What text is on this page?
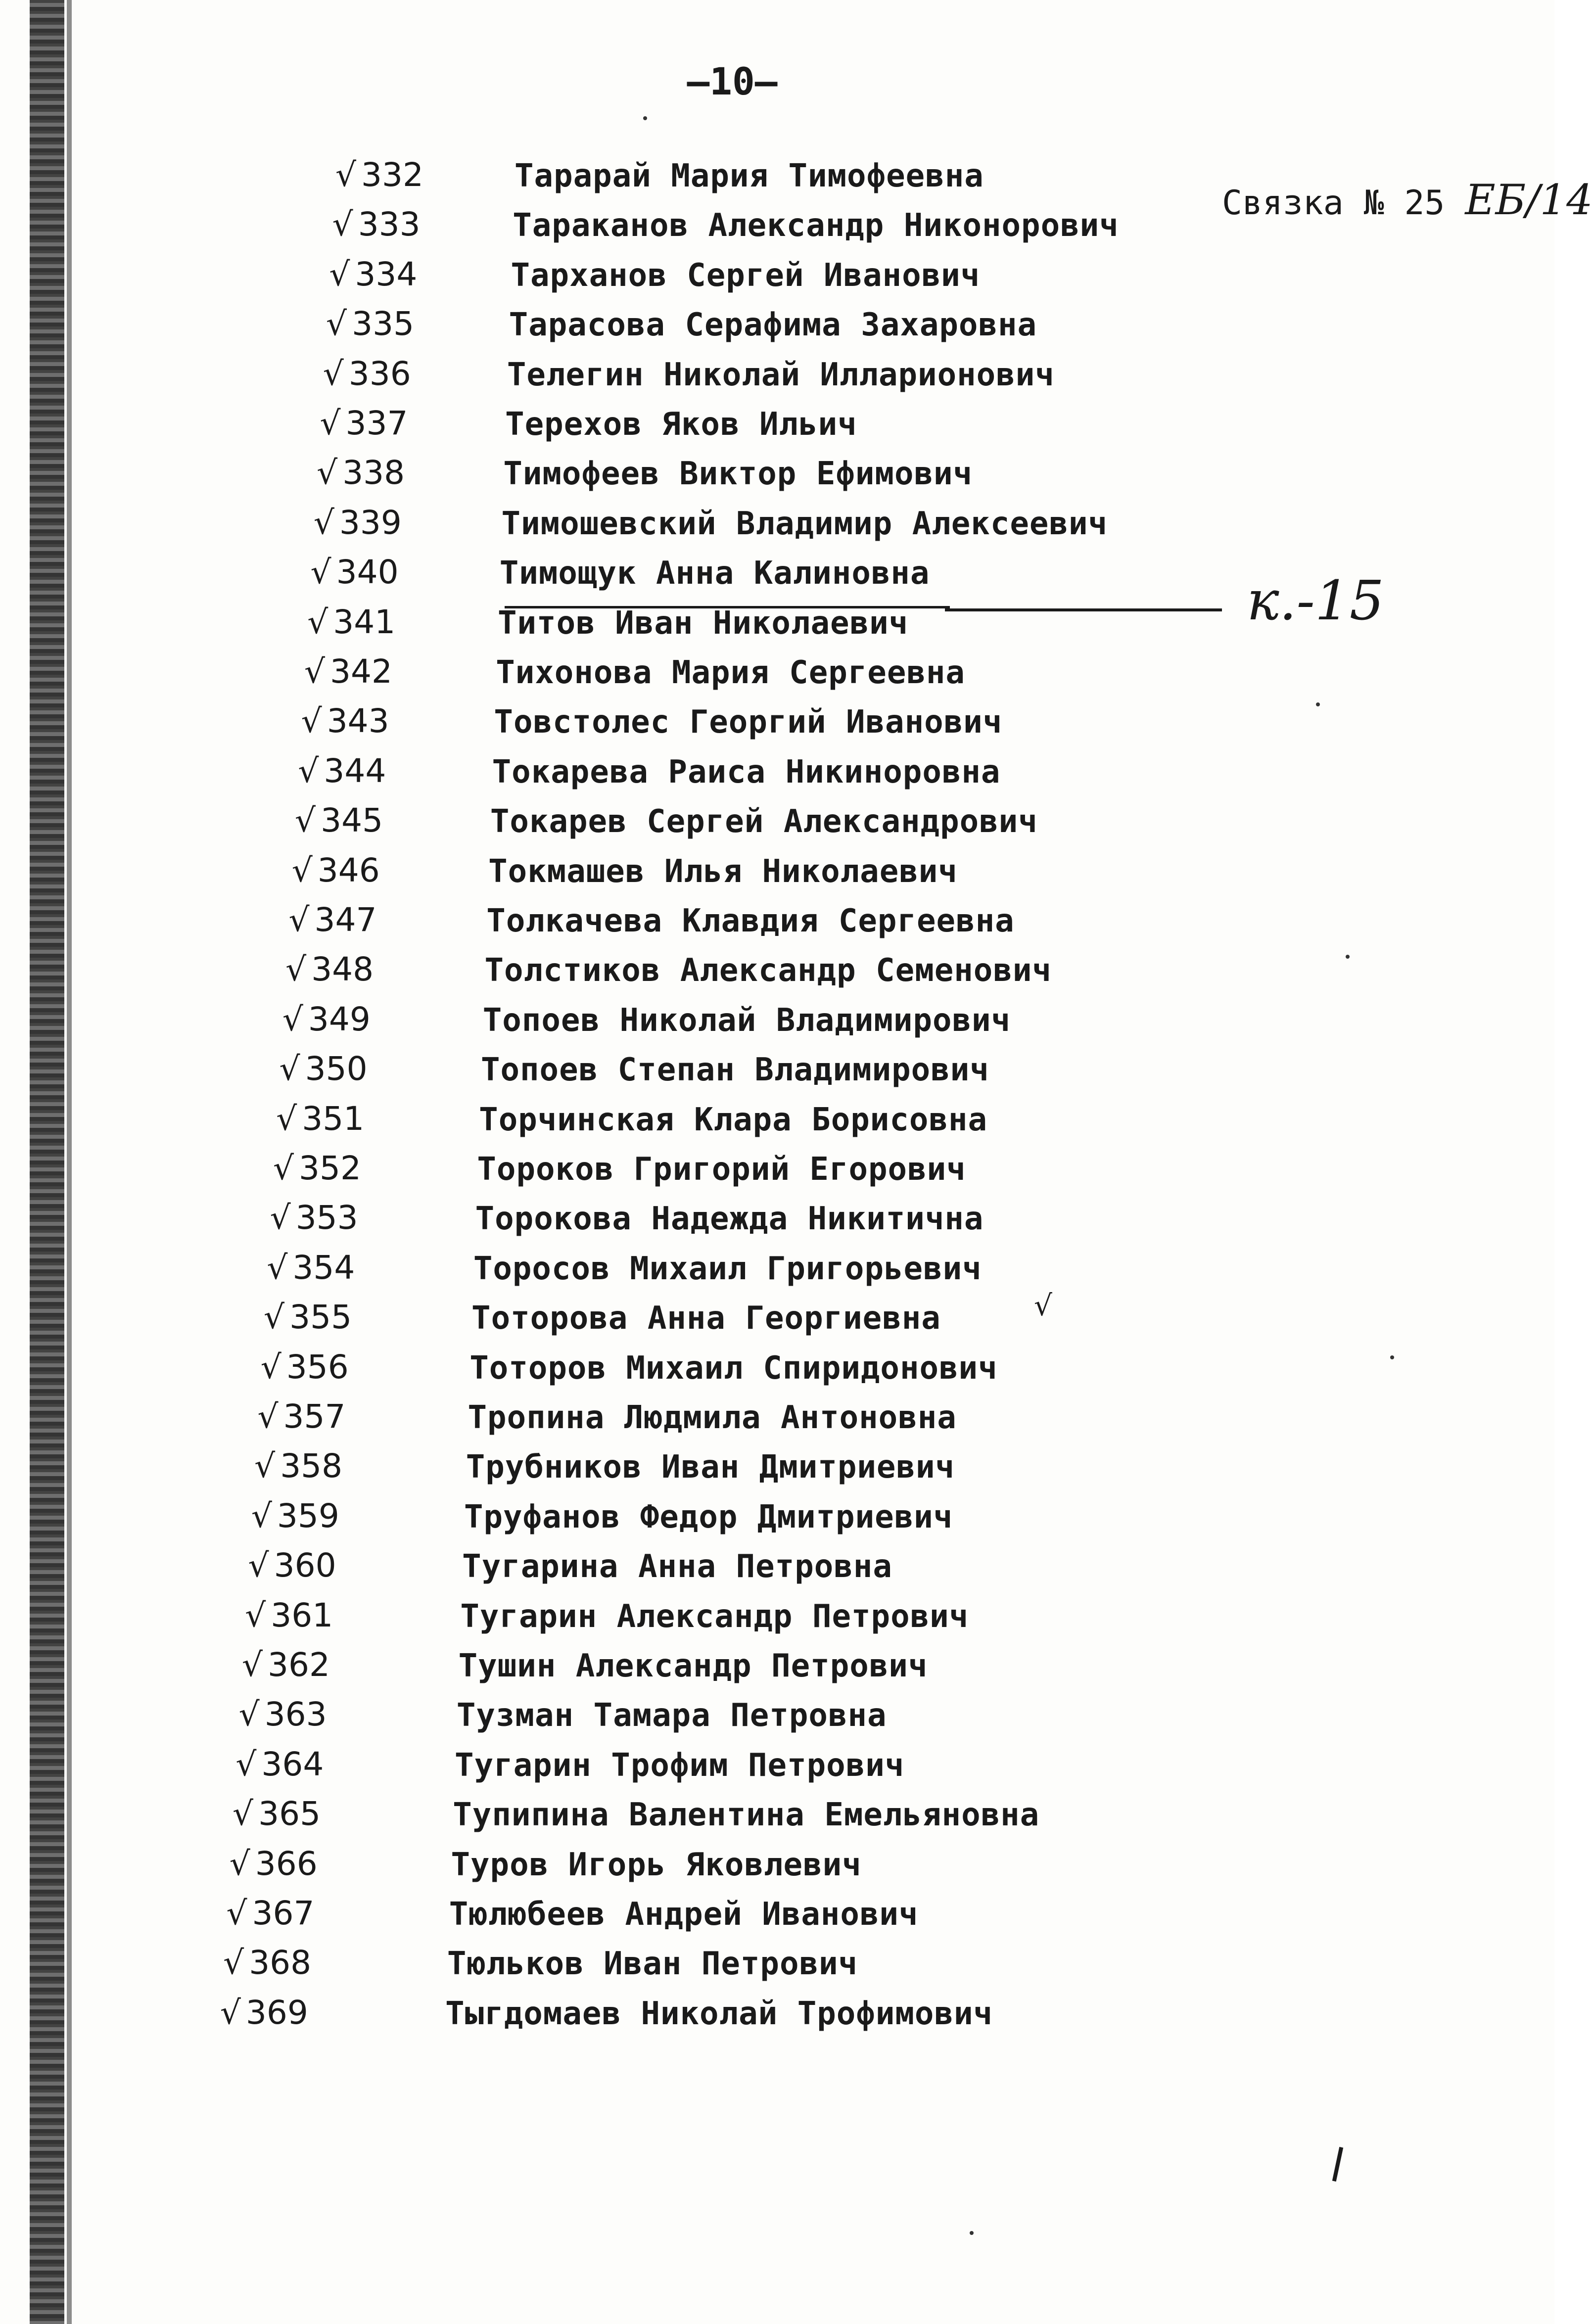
—10—
Связка № 25 ЕБ/14
к.-15
√ 332	Тарарай Мария Тимофеевна
√ 333	Тараканов Александр Никонорович
√ 334	Тарханов Сергей Иванович
√ 335	Тарасова Серафима Захаровна
√ 336	Телегин Николай Илларионович
√ 337	Терехов Яков Ильич
√ 338	Тимофеев Виктор Ефимович
√ 339	Тимошевский Владимир Алексеевич
√ 340	Тимощук Анна Калиновна
√ 341	Титов Иван Николаевич
√ 342	Тихонова Мария Сергеевна
√ 343	Товстолес Георгий Иванович
√ 344	Токарева Раиса Никиноровна
√ 345	Токарев Сергей Александрович
√ 346	Токмашев Илья Николаевич
√ 347	Толкачева Клавдия Сергеевна
√ 348	Толстиков Александр Семенович
√ 349	Топоев Николай Владимирович
√ 350	Топоев Степан Владимирович
√ 351	Торчинская Клара Борисовна
√ 352	Тороков Григорий Егорович
√ 353	Торокова Надежда Никитична
√ 354	Торосов Михаил Григорьевич
√ 355	Тоторова Анна Георгиевна
√ 356	Тоторов Михаил Спиридонович
√ 357	Тропина Людмила Антоновна
√ 358	Трубников Иван Дмитриевич
√ 359	Труфанов Федор Дмитриевич
√ 360	Тугарина Анна Петровна
√ 361	Тугарин Александр Петрович
√ 362	Тушин Александр Петрович
√ 363	Тузман Тамара Петровна
√ 364	Тугарин Трофим Петрович
√ 365	Тупипина Валентина Емельяновна
√ 366	Туров Игорь Яковлевич
√ 367	Тюлюбеев Андрей Иванович
√ 368	Тюльков Иван Петрович
√ 369	Тыгдомаев Николай Трофимович
√
